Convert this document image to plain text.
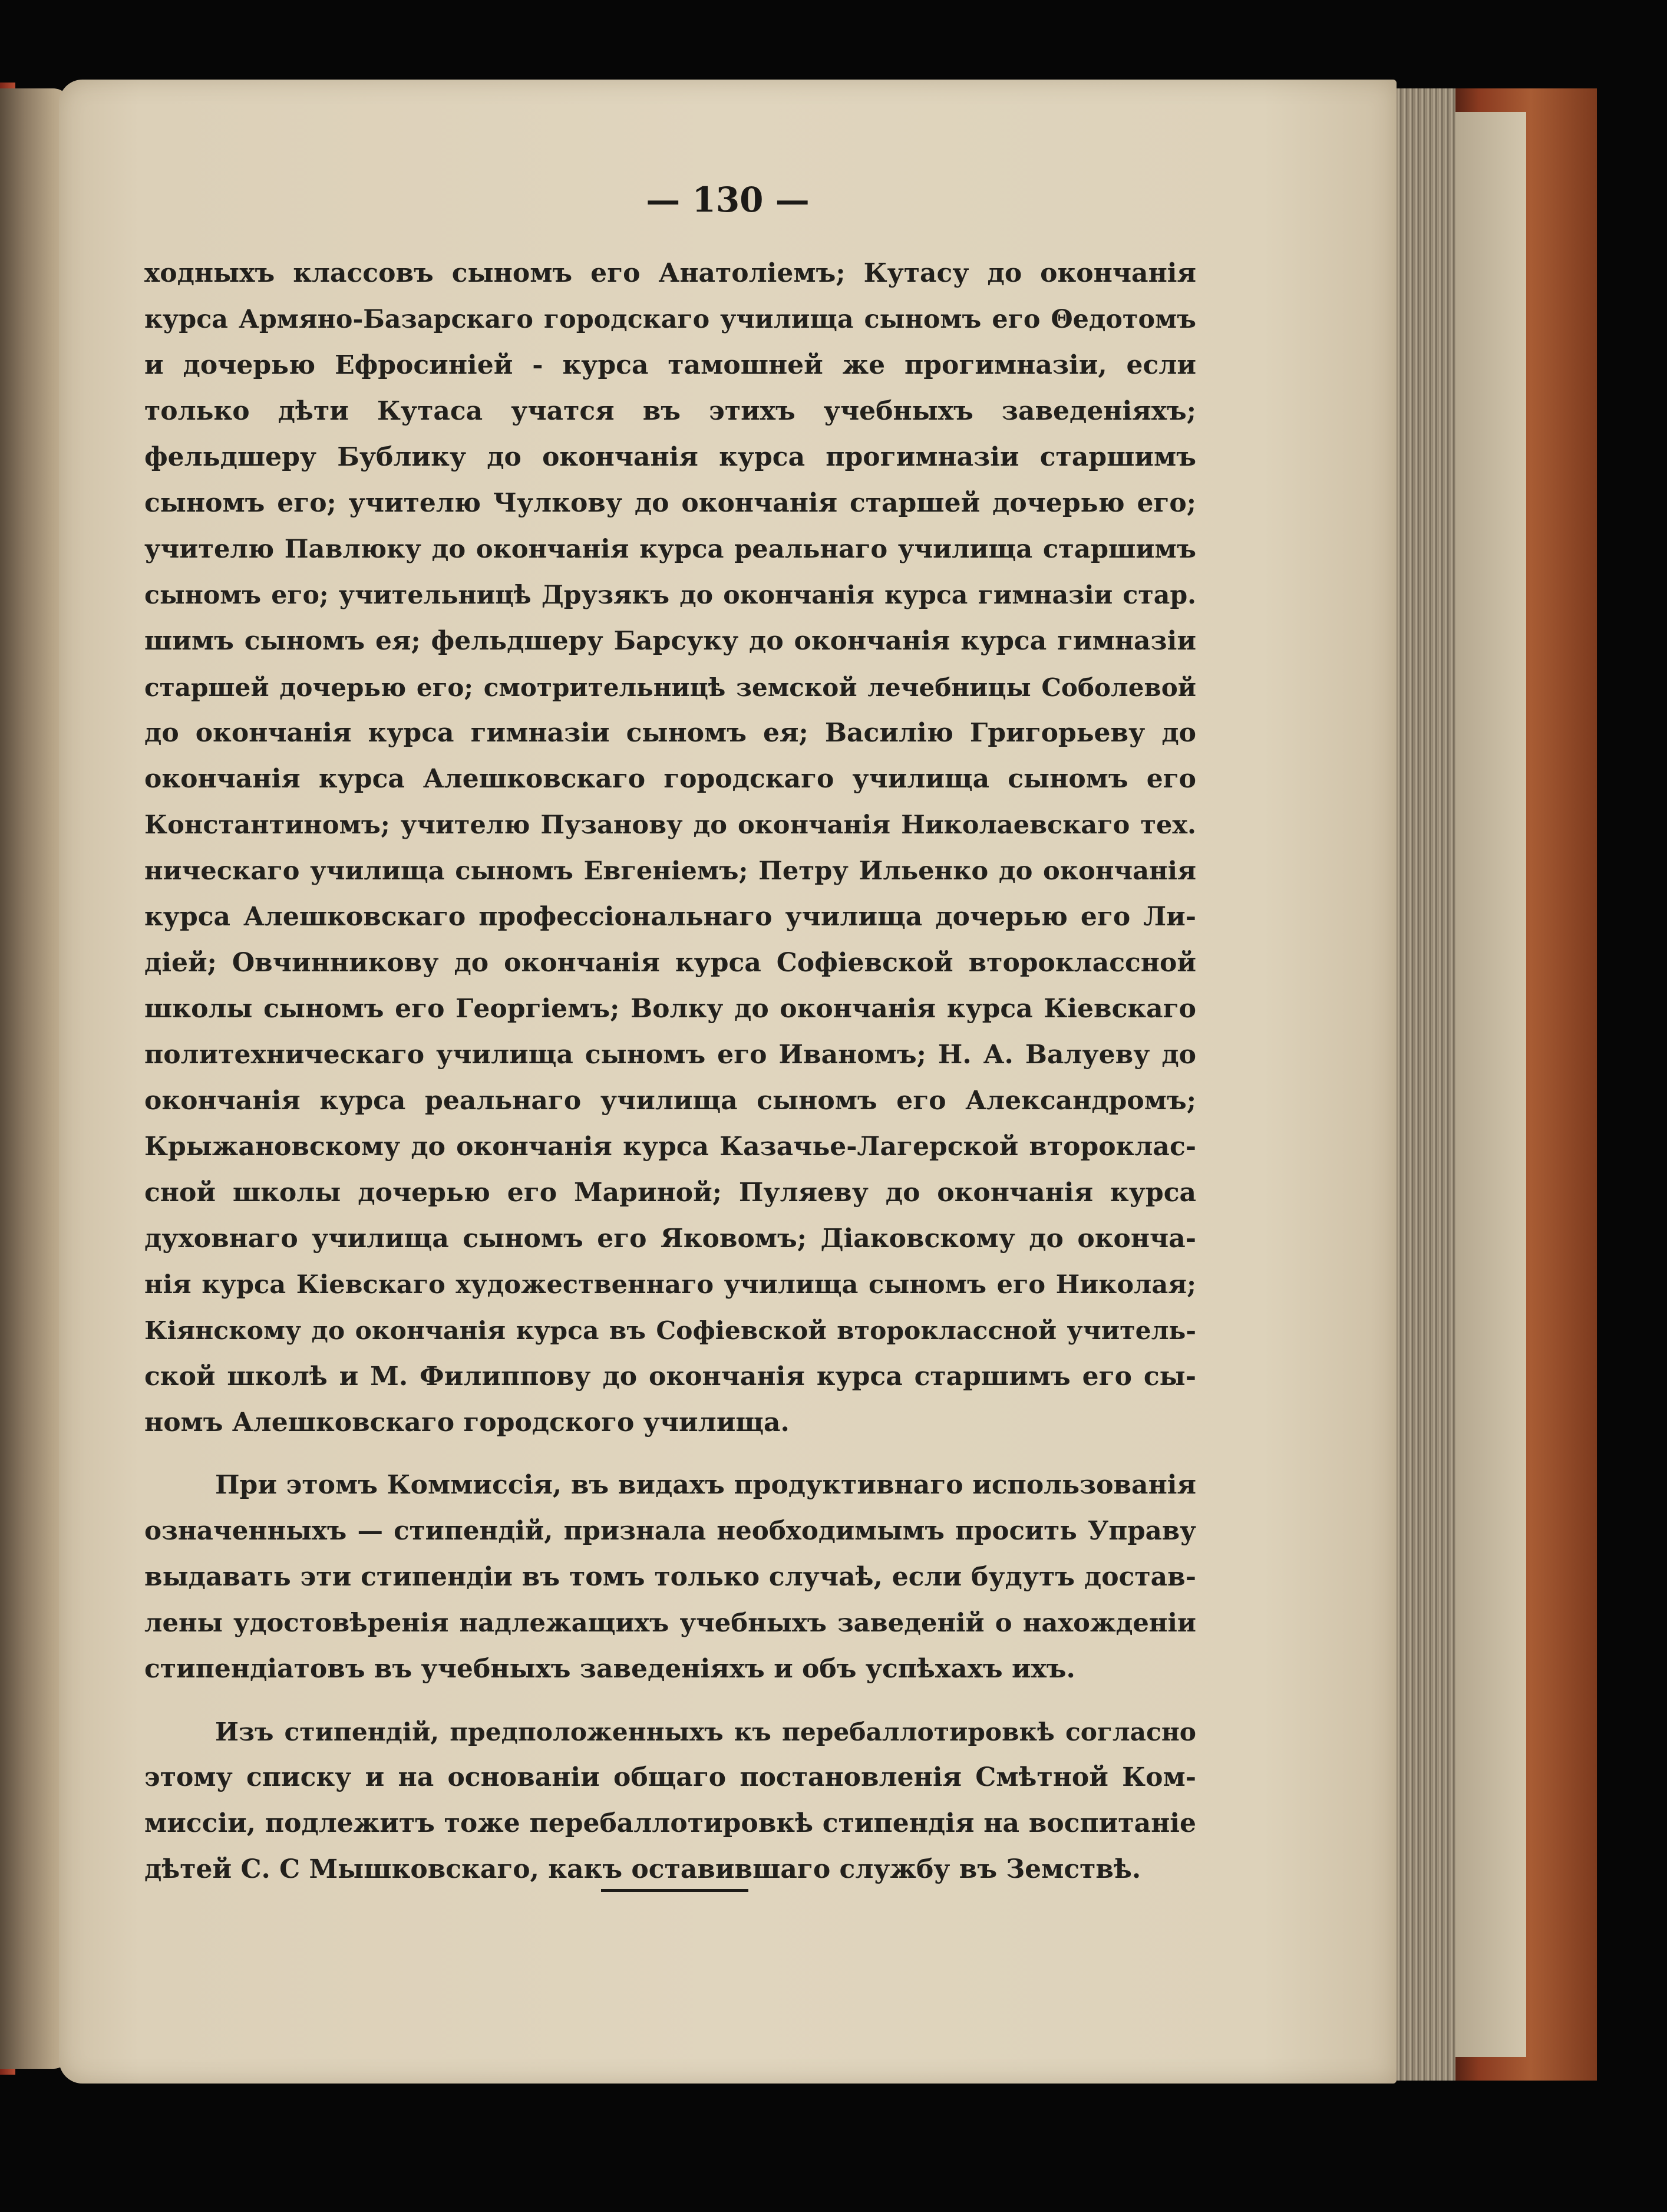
— 130 —

ходныхъ классовъ сыномъ его Анатоліемъ; Кутасу до окончанія
курса Армяно-Базарскаго городскаго училища сыномъ его Θедотомъ
и дочерью Ефросиніей - курса тамошней же прогимназіи, если
только дѣти Кутаса учатся въ этихъ учебныхъ заведеніяхъ;
фельдшеру Бублику до окончанія курса прогимназіи старшимъ
сыномъ его; учителю Чулкову до окончанія старшей дочерью его;
учителю Павлюку до окончанія курса реальнаго училища старшимъ
сыномъ его; учительницѣ Друзякъ до окончанія курса гимназіи стар.
шимъ сыномъ ея; фельдшеру Барсуку до окончанія курса гимназіи
старшей дочерью его; смотрительницѣ земской лечебницы Соболевой
до окончанія курса гимназіи сыномъ ея; Василію Григорьеву до
окончанія курса Алешковскаго городскаго училища сыномъ его
Константиномъ; учителю Пузанову до окончанія Николаевскаго тех.
ническаго училища сыномъ Евгеніемъ; Петру Ильенко до окончанія
курса Алешковскаго профессіональнаго училища дочерью его Ли-
діей; Овчинникову до окончанія курса Софіевской второклассной
школы сыномъ его Георгіемъ; Волку до окончанія курса Кіевскаго
политехническаго училища сыномъ его Иваномъ; Н. А. Валуеву до
окончанія курса реальнаго училища сыномъ его Александромъ;
Крыжановскому до окончанія курса Казачье-Лагерской второклас-
сной школы дочерью его Мариной; Пуляеву до окончанія курса
духовнаго училища сыномъ его Яковомъ; Діаковскому до оконча-
нія курса Кіевскаго художественнаго училища сыномъ его Николая;
Кіянскому до окончанія курса въ Софіевской второклассной учитель-
ской школѣ и М. Филиппову до окончанія курса старшимъ его сы-
номъ Алешковскаго городского училища.
При этомъ Коммиссія, въ видахъ продуктивнаго использованія
означенныхъ — стипендій, признала необходимымъ просить Управу
выдавать эти стипендіи въ томъ только случаѣ, если будутъ достав-
лены удостовѣренія надлежащихъ учебныхъ заведеній о нахожденіи
стипендіатовъ въ учебныхъ заведеніяхъ и объ успѣхахъ ихъ.
Изъ стипендій, предположенныхъ къ перебаллотировкѣ согласно
этому списку и на основаніи общаго постановленія Смѣтной Ком-
миссіи, подлежитъ тоже перебаллотировкѣ стипендія на воспитаніе
дѣтей С. С Мышковскаго, какъ оставившаго службу въ Земствѣ.
